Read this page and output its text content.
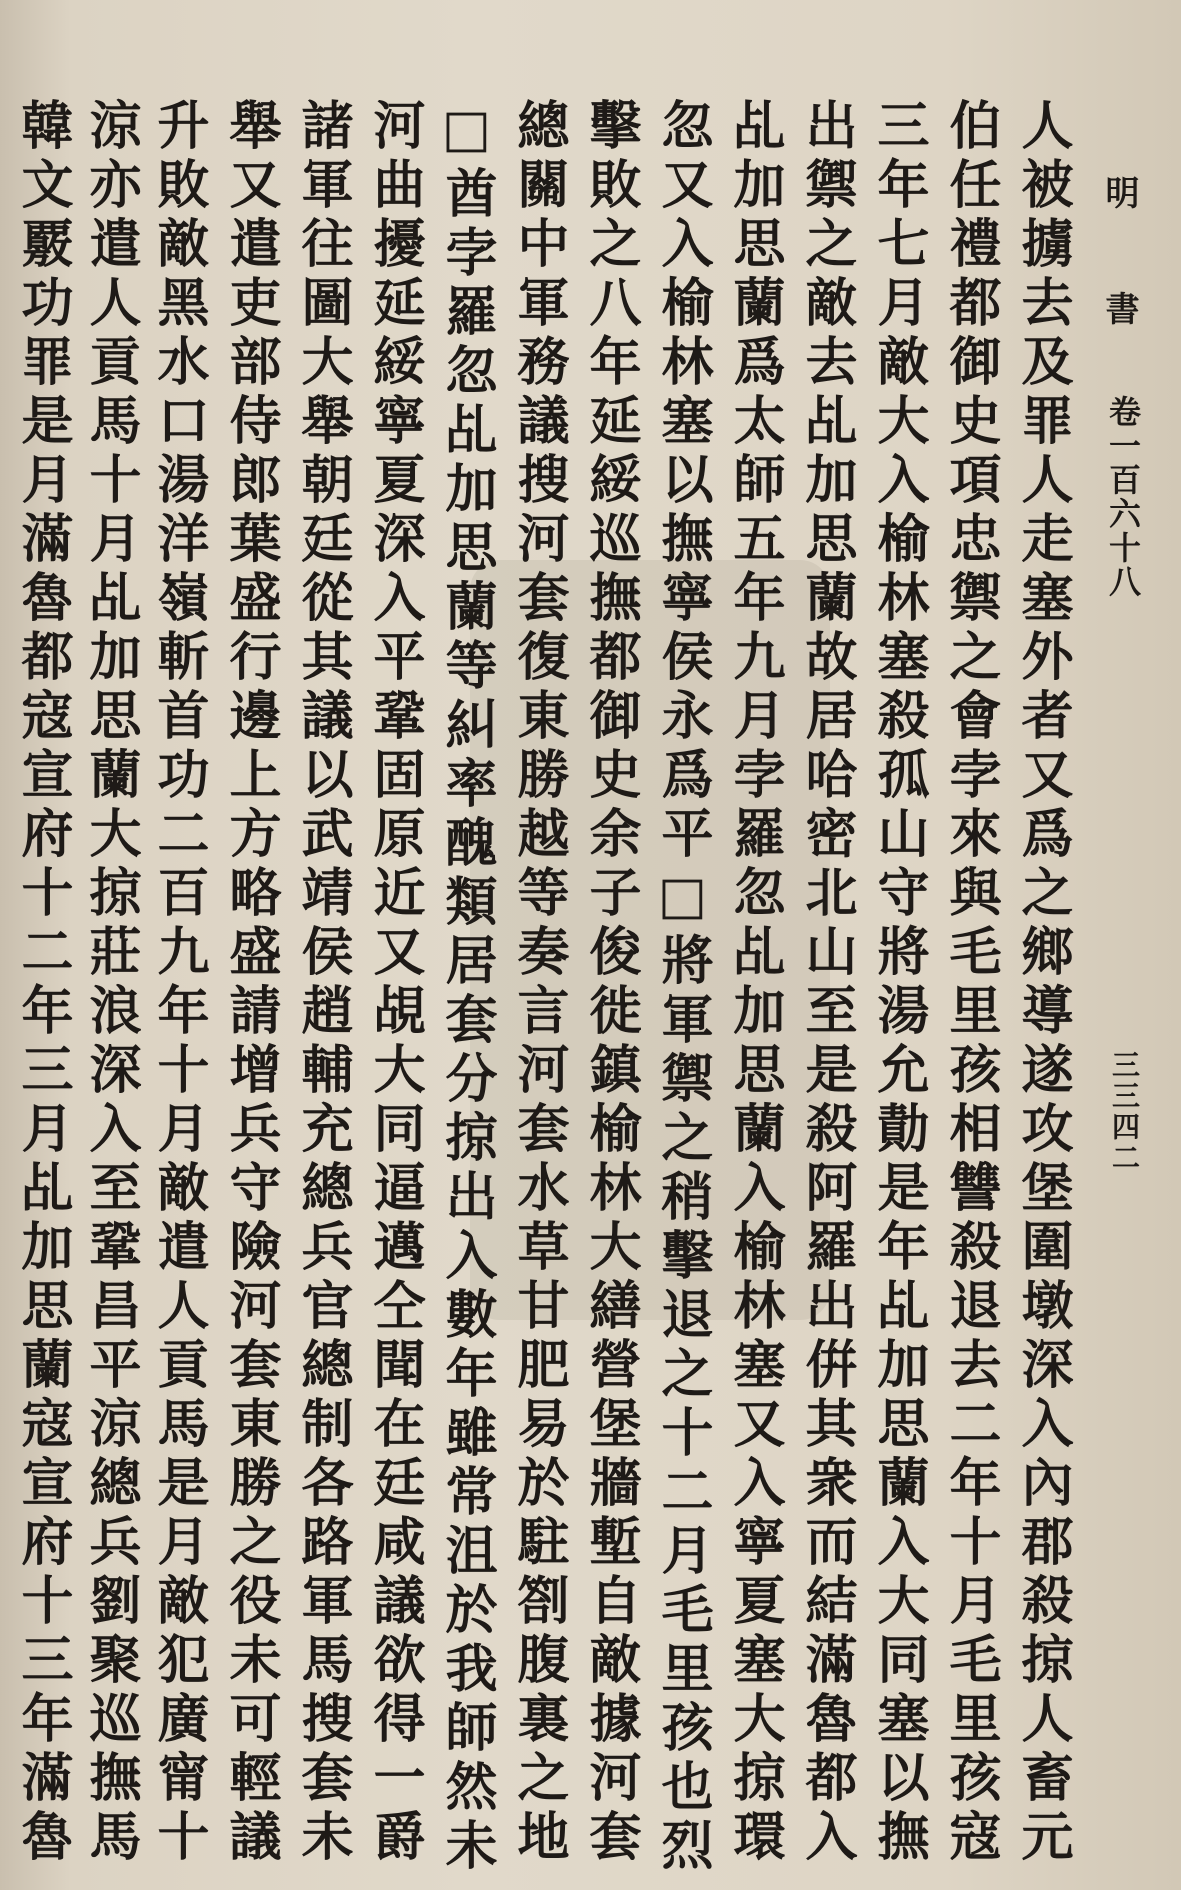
明　書
卷一百六十八
三三四二
人被擄去及罪人走塞外者又爲之鄉導遂攻堡圍墩深入內郡殺掠人畜元
伯任禮都御史項忠禦之會孛來與毛里孩相讐殺退去二年十月毛里孩寇
三年七月敵大入榆林塞殺孤山守將湯允勣是年乩加思蘭入大同塞以撫
出禦之敵去乩加思蘭故居哈密北山至是殺阿羅出倂其衆而結滿魯都入
乩加思蘭爲太師五年九月孛羅忽乩加思蘭入榆林塞又入寧夏塞大掠環
忽又入榆林塞以撫寧侯永爲平□將軍禦之稍擊退之十二月毛里孩也烈
擊敗之八年延綏巡撫都御史余子俊徙鎮榆林大繕營堡牆塹自敵據河套
總關中軍務議搜河套復東勝越等奏言河套水草甘肥易於駐劄腹裏之地
□酋孛羅忽乩加思蘭等糾率醜類居套分掠出入數年雖常沮於我師然未
河曲擾延綏寧夏深入平鞏固原近又覘大同逼邁仝聞在廷咸議欲得一爵
諸軍往圖大舉朝廷從其議以武靖侯趙輔充總兵官總制各路軍馬搜套未
舉又遣吏部侍郎葉盛行邊上方略盛請增兵守險河套東勝之役未可輕議
升敗敵黑水口湯洋嶺斬首功二百九年十月敵遣人貢馬是月敵犯廣甯十
涼亦遣人貢馬十月乩加思蘭大掠莊浪深入至鞏昌平涼總兵劉聚巡撫馬
韓文覈功罪是月滿魯都寇宣府十二年三月乩加思蘭寇宣府十三年滿魯
